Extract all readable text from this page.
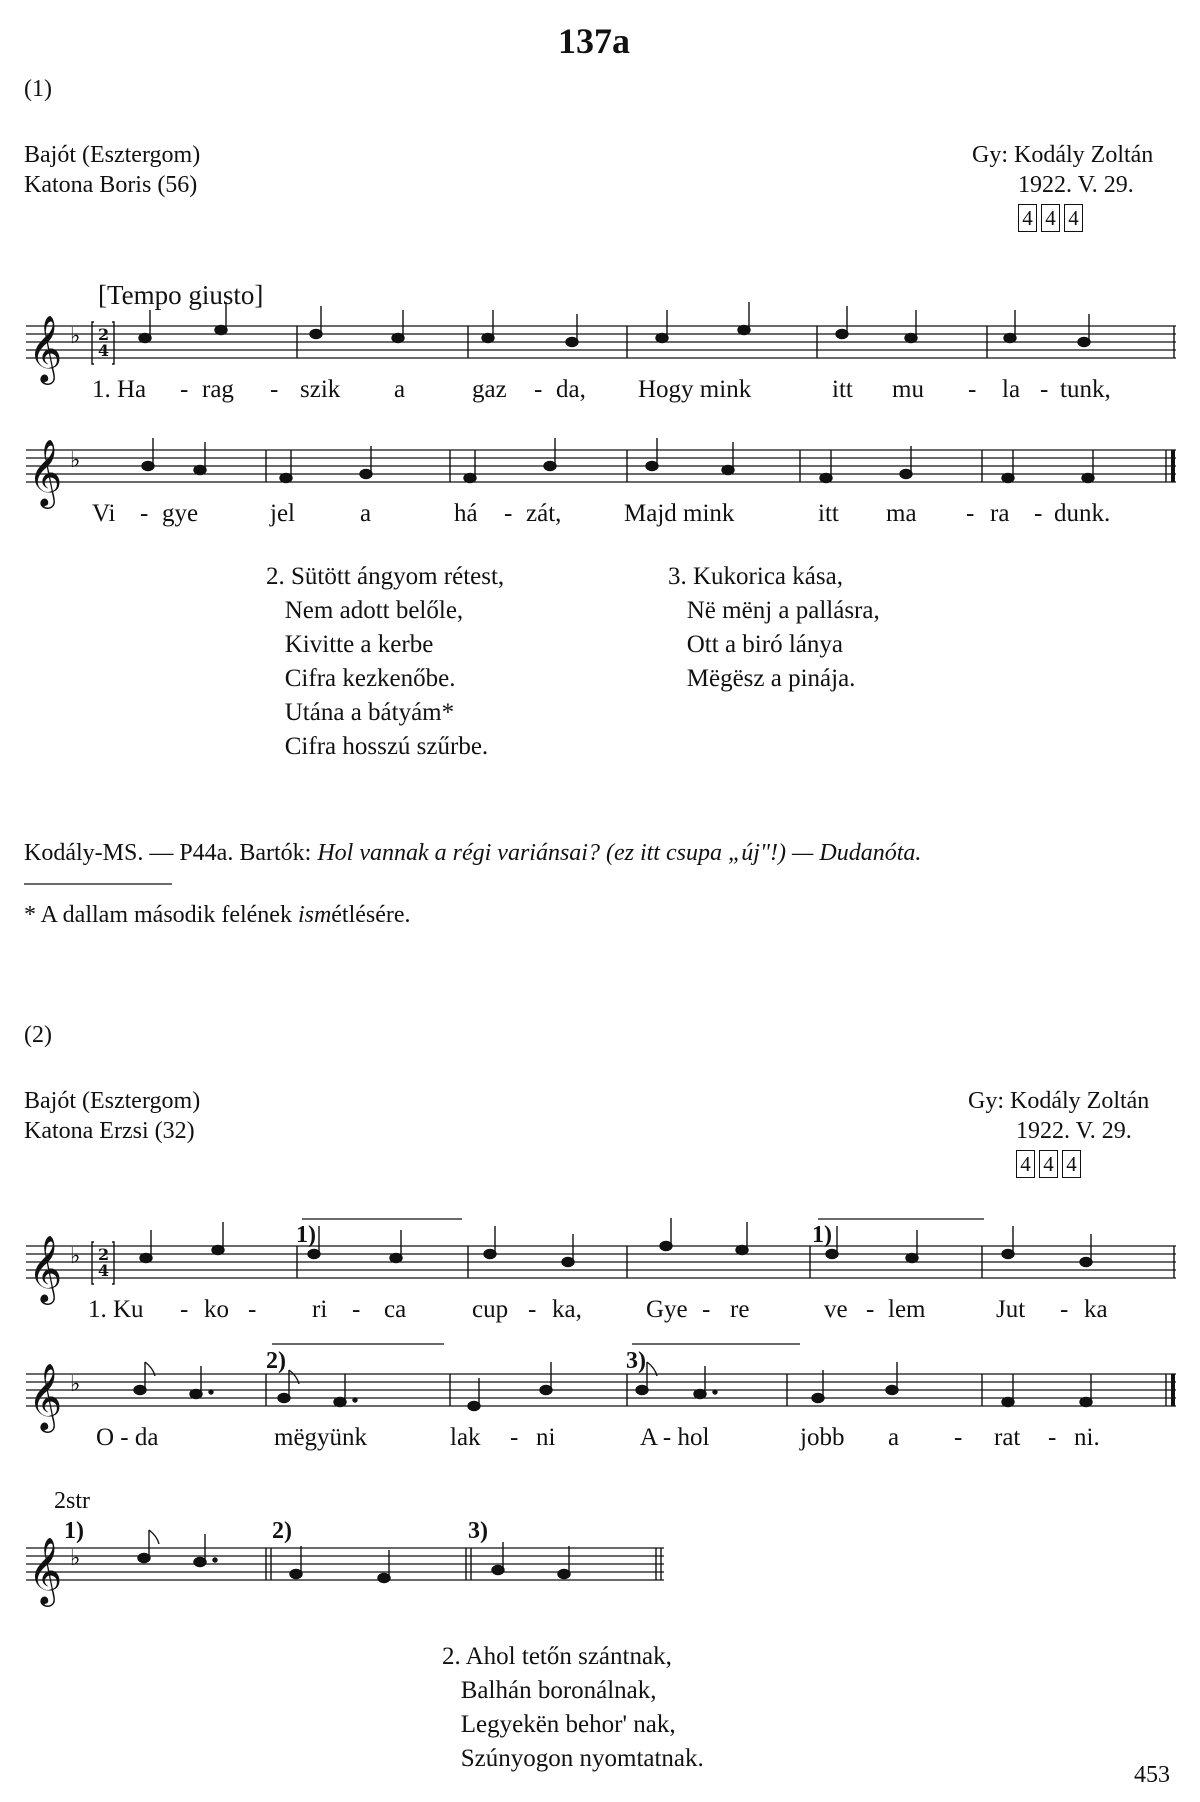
137a
(1)
Bajót (Esztergom)
Katona Boris (56)
Gy: Kodály Zoltán
1922. V. 29.
4 4 4
[Tempo giusto]
𝄞
𝄞
𝄞
𝄞
𝄞
♭
♭
♭
♭
♭
2
4
2
4
1. Ha - rag - szik a	gaz - da, Hogy mink	itt mu - la - tunk,
Vi - gye	jel	a	há - zát,	Majd mink	itt ma - ra - dunk.
2. Sütött ángyom rétest,
Nem adott belőle,
Kivitte a kerbe
Cifra kezkenőbe.
Utána a bátyám*
Cifra hosszú szűrbe.
3. Kukorica kása,
Në mënj a pallásra,
Ott a biró lánya
Mëgësz a pinája.
Kodály-MS. — P44a. Bartók: Hol vannak a régi variánsai? (ez itt csupa „új"!) — Dudanóta.
* A dallam második felének ismétlésére.
(2)
Bajót (Esztergom)
Katona Erzsi (32)
Gy: Kodály Zoltán
1922. V. 29.
4 4 4
1)	1)
2)	3)
1. Ku - ko - ri - ca	cup - ka,	Gye - re	ve - lem	Jut - ka
O - da	mëgyünk	lak - ni	A - hol	jobb a - rat - ni.
2str
1)	2)	3)
2. Ahol tetőn szántnak,
Balhán boronálnak,
Legyekën behor' nak,
Szúnyogon nyomtatnak.
453
